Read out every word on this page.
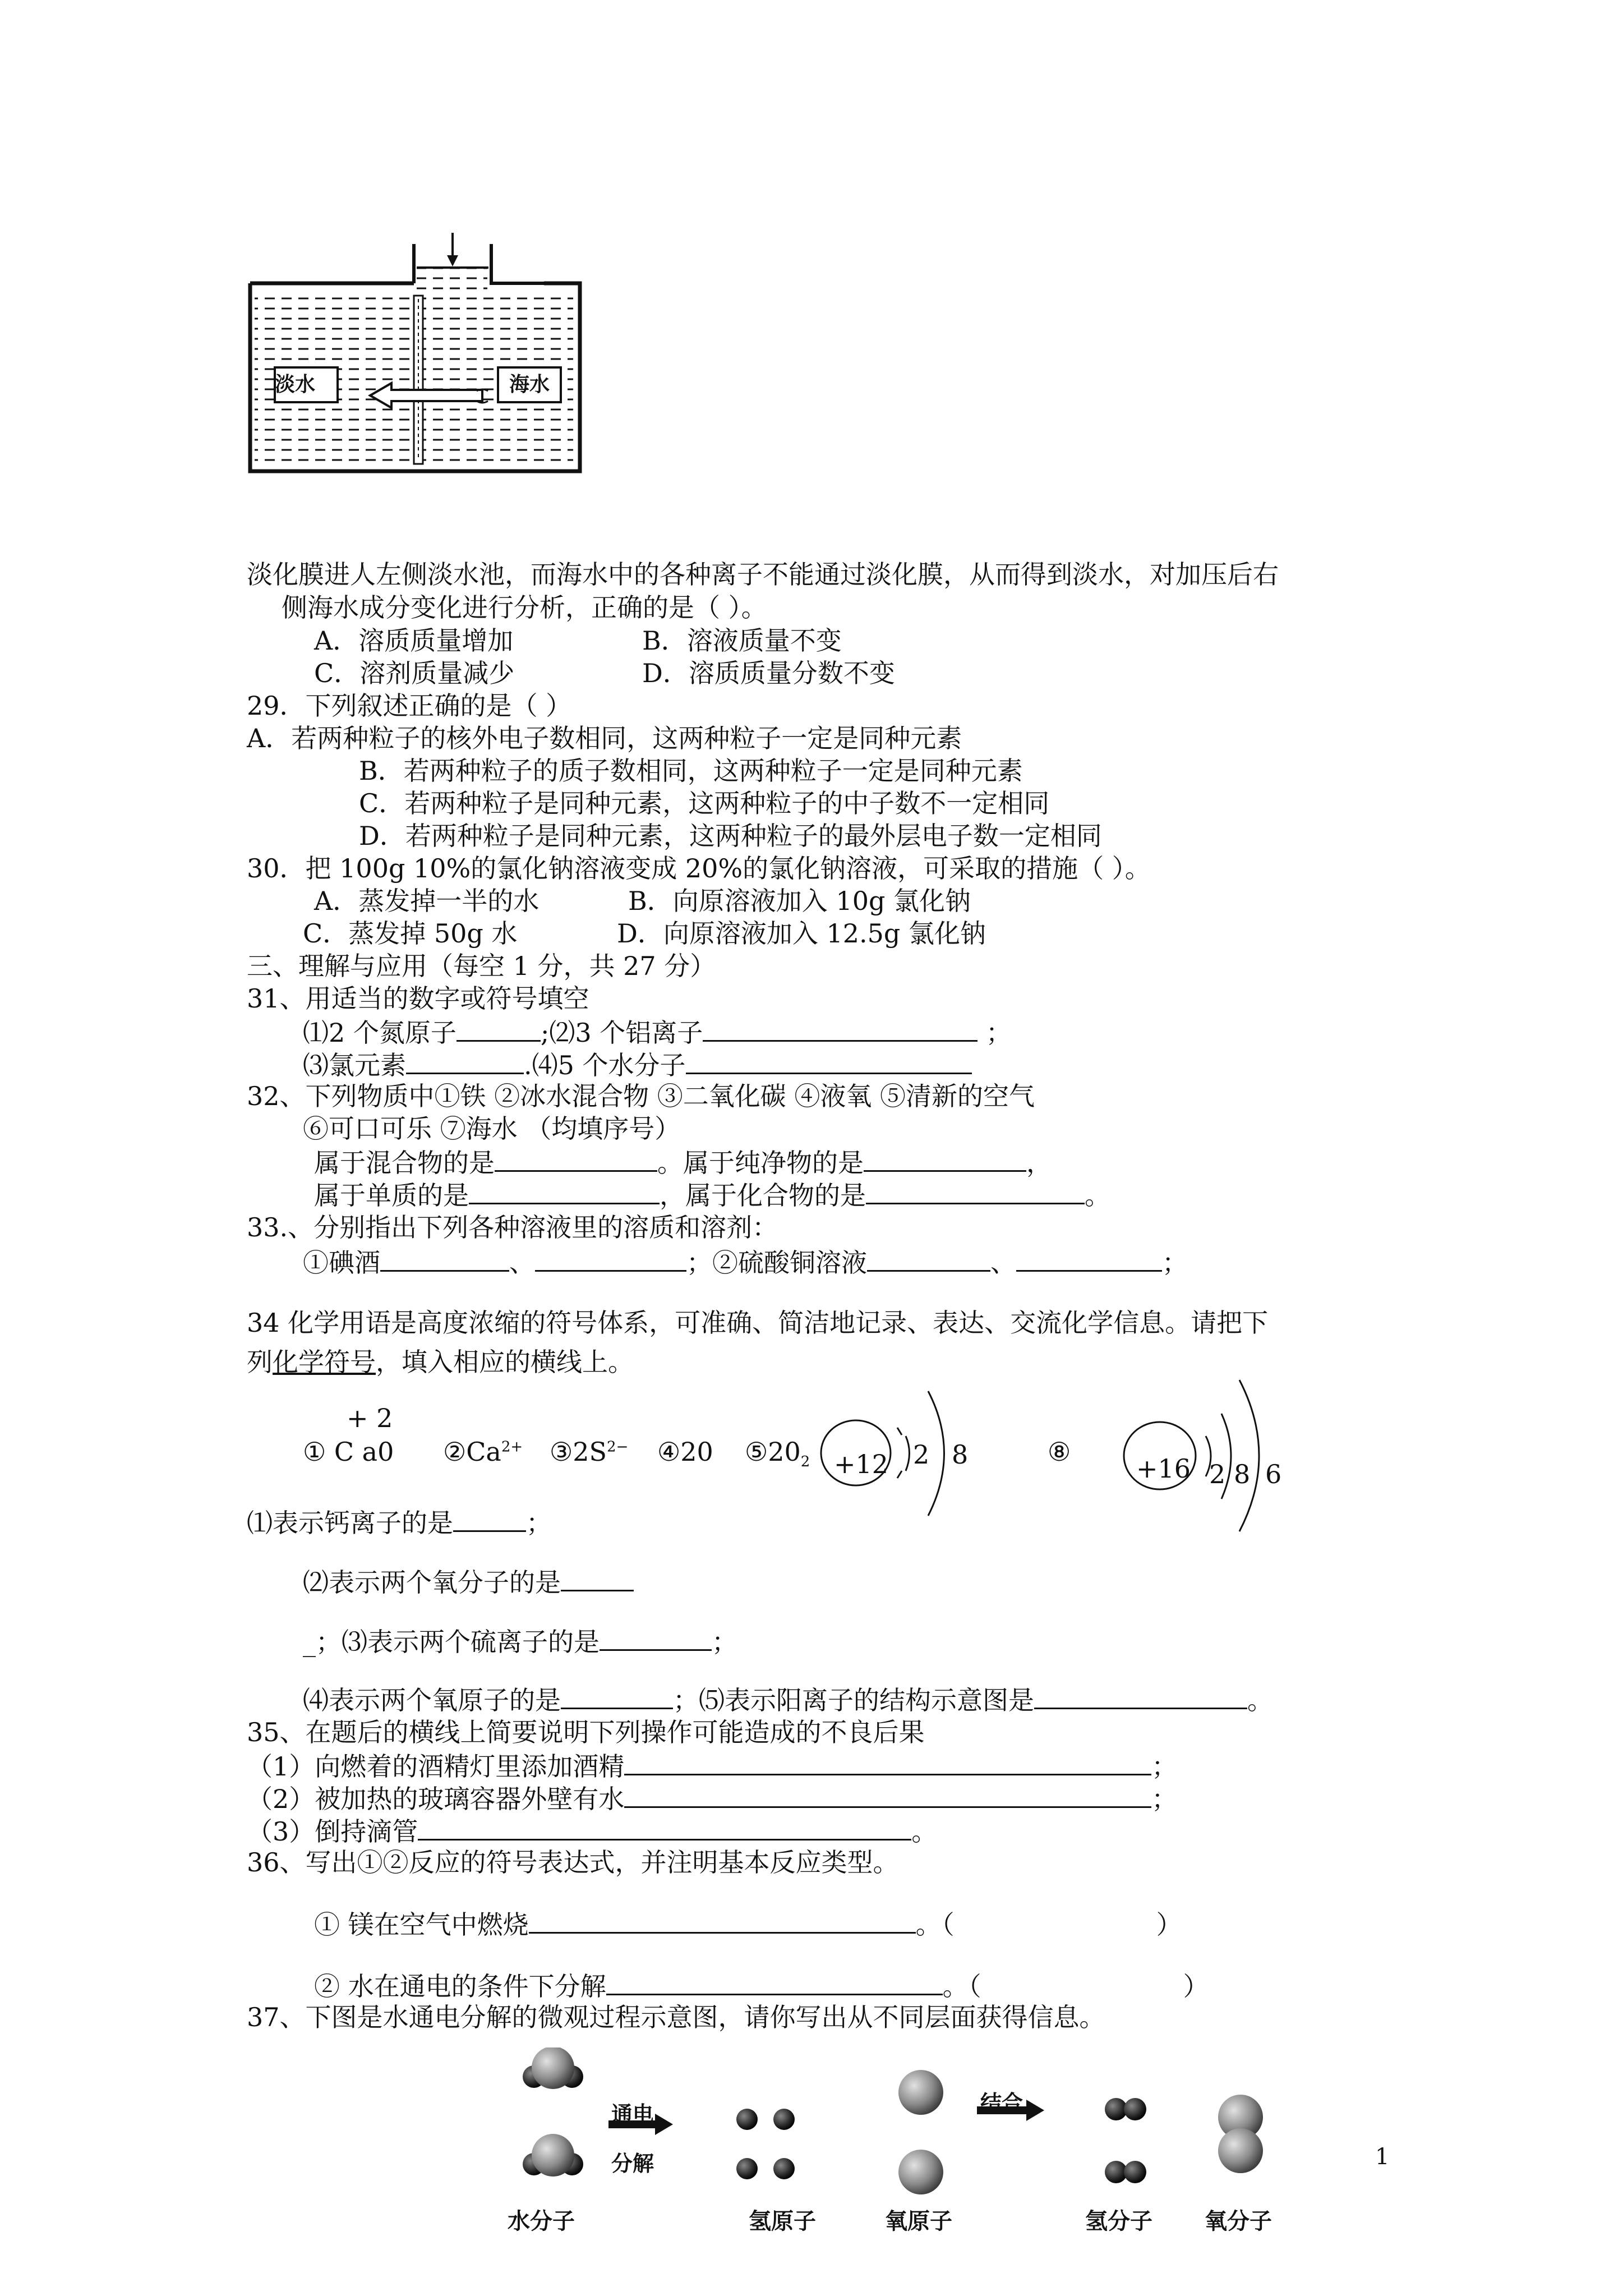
淡水	海水
淡化膜进人左侧淡水池，而海水中的各种离子不能通过淡化膜，从而得到淡水，对加压后右
侧海水成分变化进行分析，正确的是（ ）。
A．溶质质量增加	B．溶液质量不变
C．溶剂质量减少	D．溶质质量分数不变
29．下列叙述正确的是（ ）
A．若两种粒子的核外电子数相同，这两种粒子一定是同种元素
B．若两种粒子的质子数相同，这两种粒子一定是同种元素
C．若两种粒子是同种元素，这两种粒子的中子数不一定相同
D．若两种粒子是同种元素，这两种粒子的最外层电子数一定相同
30．把 100g 10%的氯化钠溶液变成 20%的氯化钠溶液，可采取的措施（ ）。
A．蒸发掉一半的水	B．向原溶液加入 10g 氯化钠
C．蒸发掉 50g 水	D．向原溶液加入 12.5g 氯化钠
三、理解与应用（每空 1 分，共 27 分）
31、用适当的数字或符号填空
⑴2 个氮原子	;⑵3 个铝离子	；
⑶氯元素	.⑷5 个水分子
32、下列物质中①铁 ②冰水混合物 ③二氧化碳 ④液氧 ⑤清新的空气
⑥可口可乐 ⑦海水 （均填序号）
属于混合物的是	。属于纯净物的是	，
属于单质的是	，属于化合物的是	。
33.、分别指出下列各种溶液里的溶质和溶剂：
①碘酒	、	；②硫酸铜溶液	、	；
34 化学用语是高度浓缩的符号体系，可准确、简洁地记录、表达、交流化学信息。请把下
列化学符号，填入相应的横线上。
+ 2
① C a0 $②Ca^{2+}$ $③2S^{2-}$ ④20 $⑤20_2 +12$ 2 8	⑧
+16 2 8 6
⑴表示钙离子的是	；
⑵表示两个氧分子的是
_；⑶表示两个硫离子的是	；
⑷表示两个氧原子的是	；⑸表示阳离子的结构示意图是	。
35、在题后的横线上简要说明下列操作可能造成的不良后果
（1）向燃着的酒精灯里添加酒精	；
（2）被加热的玻璃容器外壁有水	；
（3）倒持滴管	。
36、写出①②反应的符号表达式，并注明基本反应类型。
① 镁在空气中燃烧	。（	）
② 水在通电的条件下分解	。（	）
37、下图是水通电分解的微观过程示意图，请你写出从不同层面获得信息。
通电
分解
结合
水分子	氢原子	氧原子	氢分子 氧分子
1
